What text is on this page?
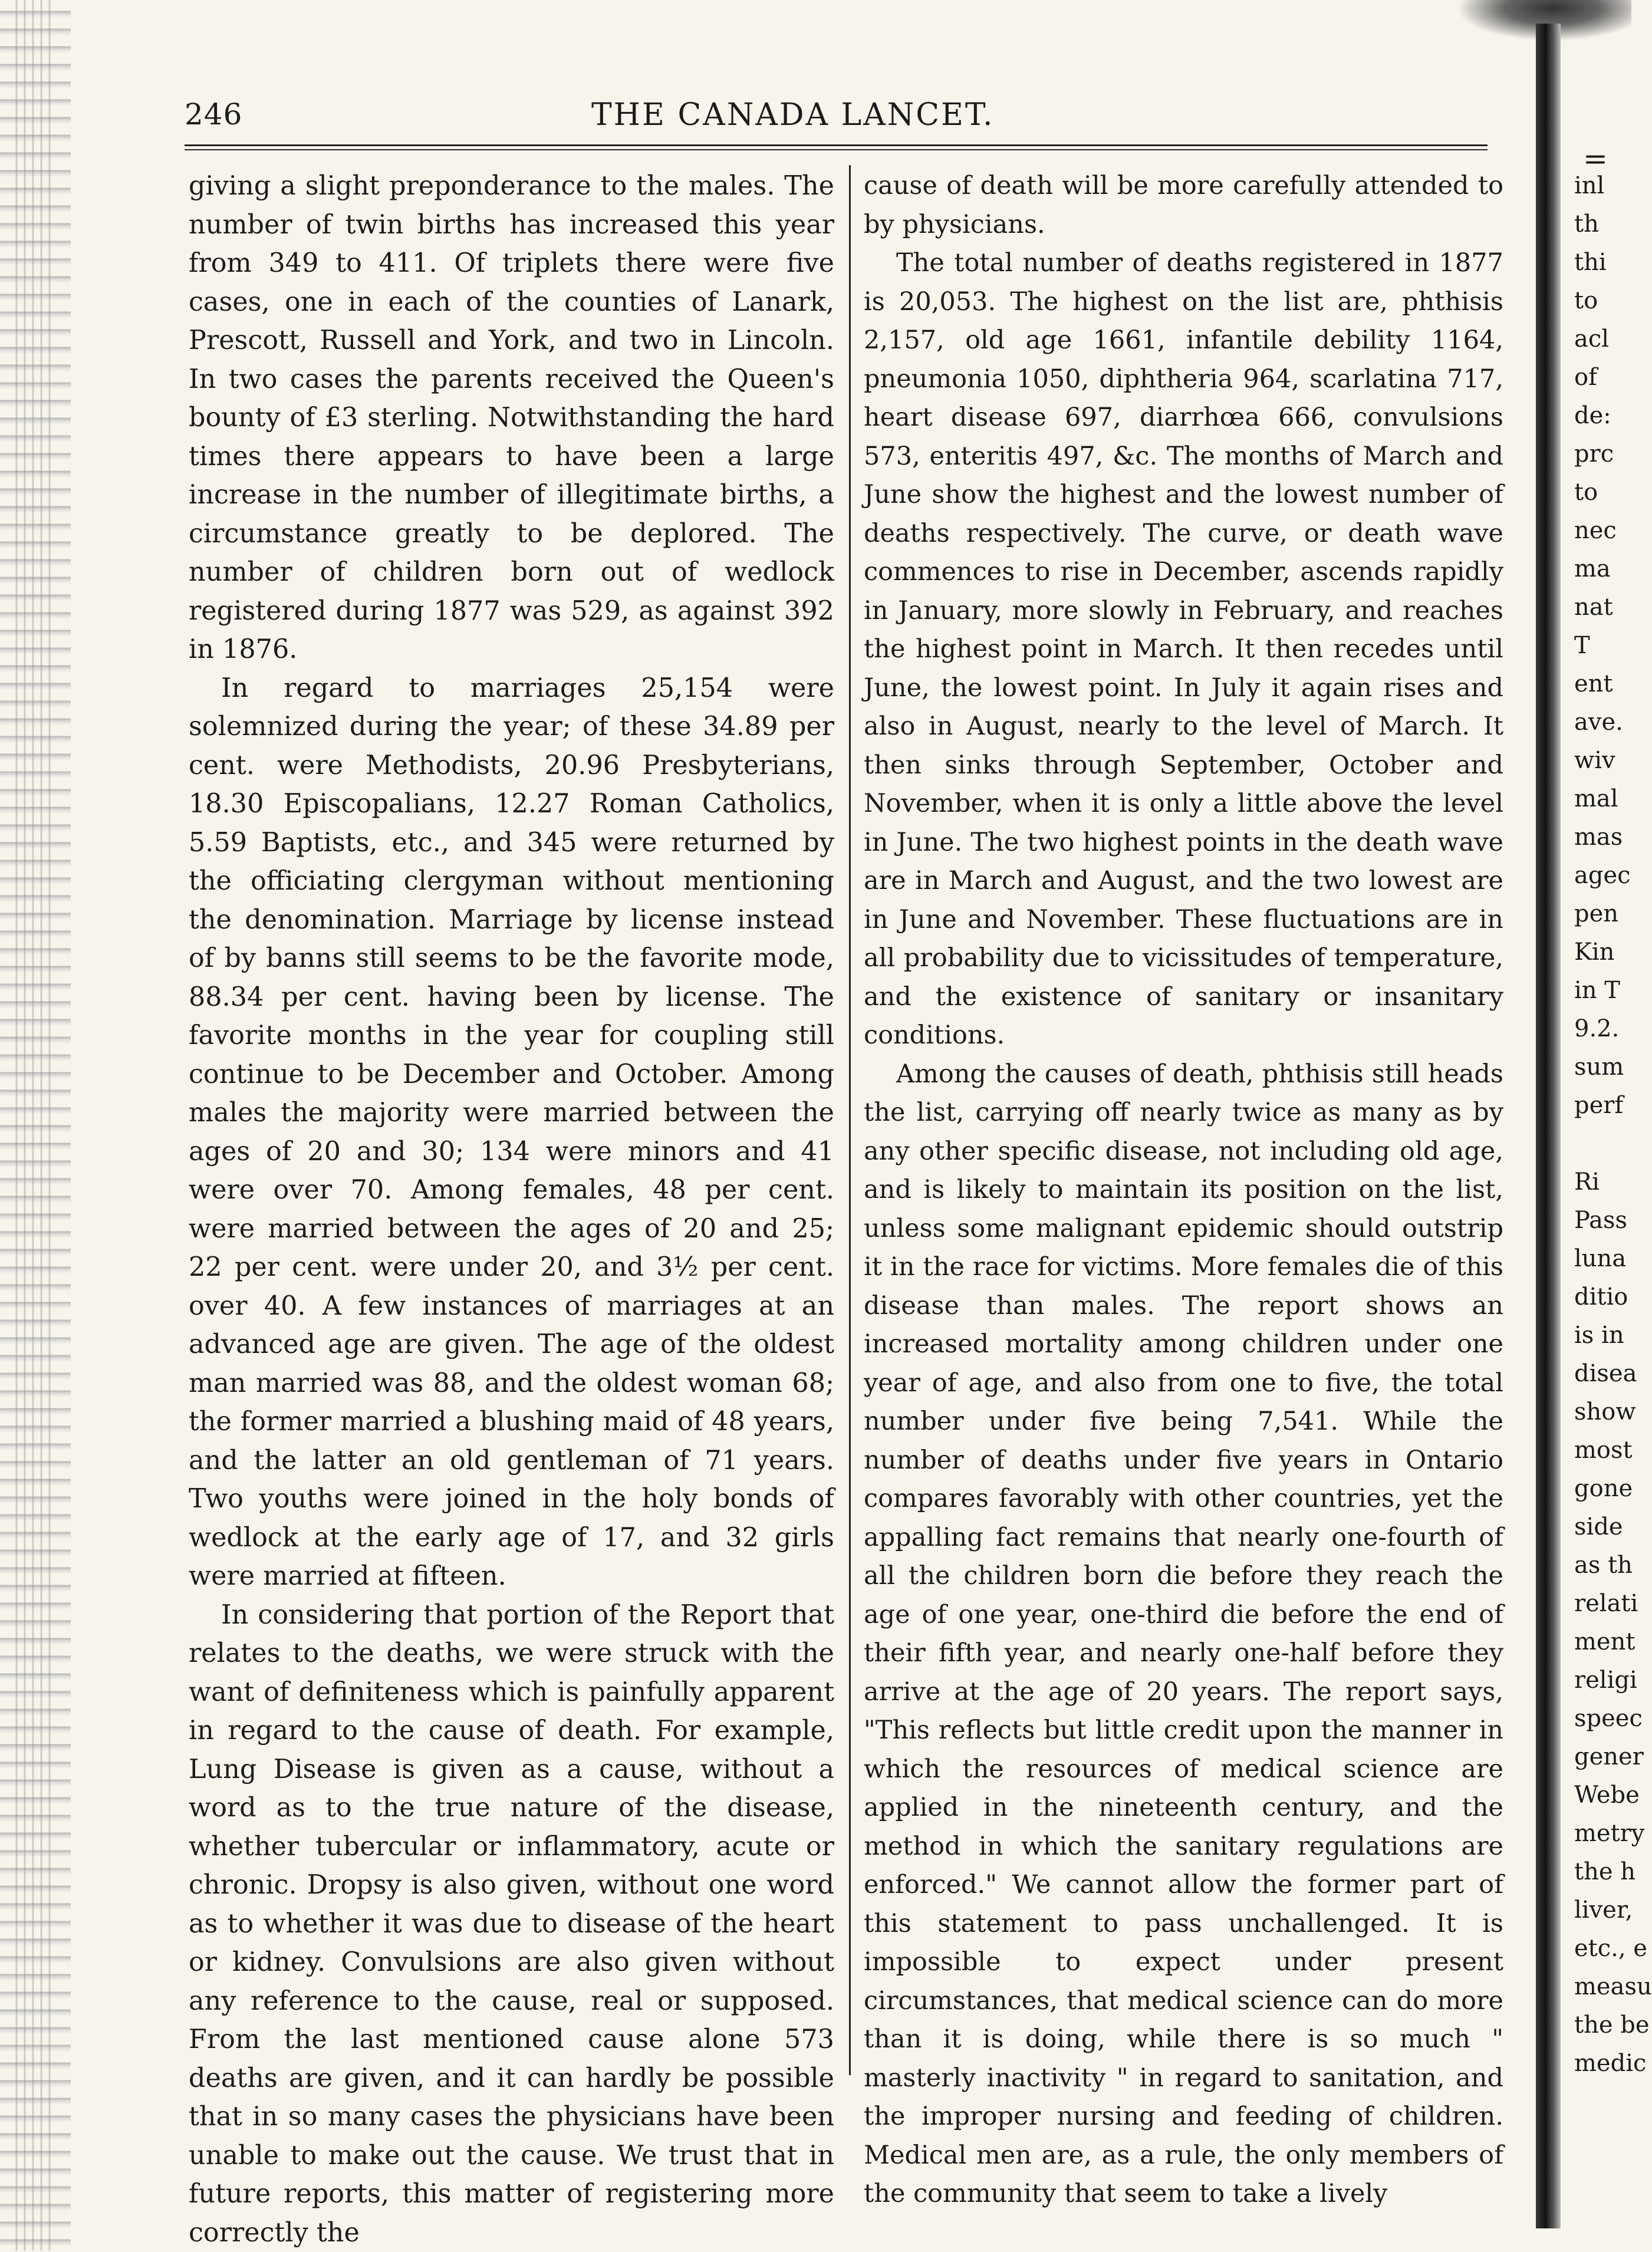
246	THE CANADA LANCET.

giving a slight preponderance to the males. The number of twin births has increased this year from 349 to 411. Of triplets there were five cases, one in each of the counties of Lanark, Prescott, Russell and York, and two in Lincoln. In two cases the parents received the Queen's bounty of £3 sterling. Notwithstanding the hard times there appears to have been a large increase in the number of illegitimate births, a circumstance greatly to be deplored. The number of children born out of wedlock registered during 1877 was 529, as against 392 in 1876.

In regard to marriages 25,154 were solemnized during the year; of these 34.89 per cent. were Methodists, 20.96 Presbyterians, 18.30 Episcopalians, 12.27 Roman Catholics, 5.59 Baptists, etc., and 345 were returned by the officiating clergyman without mentioning the denomination. Marriage by license instead of by banns still seems to be the favorite mode, 88.34 per cent. having been by license. The favorite months in the year for coupling still continue to be December and October. Among males the majority were married between the ages of 20 and 30; 134 were minors and 41 were over 70. Among females, 48 per cent. were married between the ages of 20 and 25; 22 per cent. were under 20, and 3½ per cent. over 40. A few instances of marriages at an advanced age are given. The age of the oldest man married was 88, and the oldest woman 68; the former married a blushing maid of 48 years, and the latter an old gentleman of 71 years. Two youths were joined in the holy bonds of wedlock at the early age of 17, and 32 girls were married at fifteen.

In considering that portion of the Report that relates to the deaths, we were struck with the want of definiteness which is painfully apparent in regard to the cause of death. For example, Lung Disease is given as a cause, without a word as to the true nature of the disease, whether tubercular or inflammatory, acute or chronic. Dropsy is also given, without one word as to whether it was due to disease of the heart or kidney. Convulsions are also given without any reference to the cause, real or supposed. From the last mentioned cause alone 573 deaths are given, and it can hardly be possible that in so many cases the physicians have been unable to make out the cause. We trust that in future reports, this matter of registering more correctly the

cause of death will be more carefully attended to by physicians.

The total number of deaths registered in 1877 is 20,053. The highest on the list are, phthisis 2,157, old age 1661, infantile debility 1164, pneumonia 1050, diphtheria 964, scarlatina 717, heart disease 697, diarrhœa 666, convulsions 573, enteritis 497, &c. The months of March and June show the highest and the lowest number of deaths respectively. The curve, or death wave commences to rise in December, ascends rapidly in January, more slowly in February, and reaches the highest point in March. It then recedes until June, the lowest point. In July it again rises and also in August, nearly to the level of March. It then sinks through September, October and November, when it is only a little above the level in June. The two highest points in the death wave are in March and August, and the two lowest are in June and November. These fluctuations are in all probability due to vicissitudes of temperature, and the existence of sanitary or insanitary conditions.

Among the causes of death, phthisis still heads the list, carrying off nearly twice as many as by any other specific disease, not including old age, and is likely to maintain its position on the list, unless some malignant epidemic should outstrip it in the race for victims. More females die of this disease than males. The report shows an increased mortality among children under one year of age, and also from one to five, the total number under five being 7,541. While the number of deaths under five years in Ontario compares favorably with other countries, yet the appalling fact remains that nearly one-fourth of all the children born die before they reach the age of one year, one-third die before the end of their fifth year, and nearly one-half before they arrive at the age of 20 years. The report says, "This reflects but little credit upon the manner in which the resources of medical science are applied in the nineteenth century, and the method in which the sanitary regulations are enforced." We cannot allow the former part of this statement to pass unchallenged. It is impossible to expect under present circumstances, that medical science can do more than it is doing, while there is so much " masterly inactivity " in regard to sanitation, and the improper nursing and feeding of children. Medical men are, as a rule, the only members of the community that seem to take a lively

=
inl
th
thi
to
acl
of
de:
prc
to
nec
ma
nat
T
ent
ave.
wiv
mal
mas
agec
pen
Kin
in T
9.2.
sum
perf
Ri
Pass
luna
ditio
is in
disea
show
most
gone
side
as th
relati
ment
religi
speec
gener
Webe
metry
the h
liver,
etc., e
measu
the be
medic
